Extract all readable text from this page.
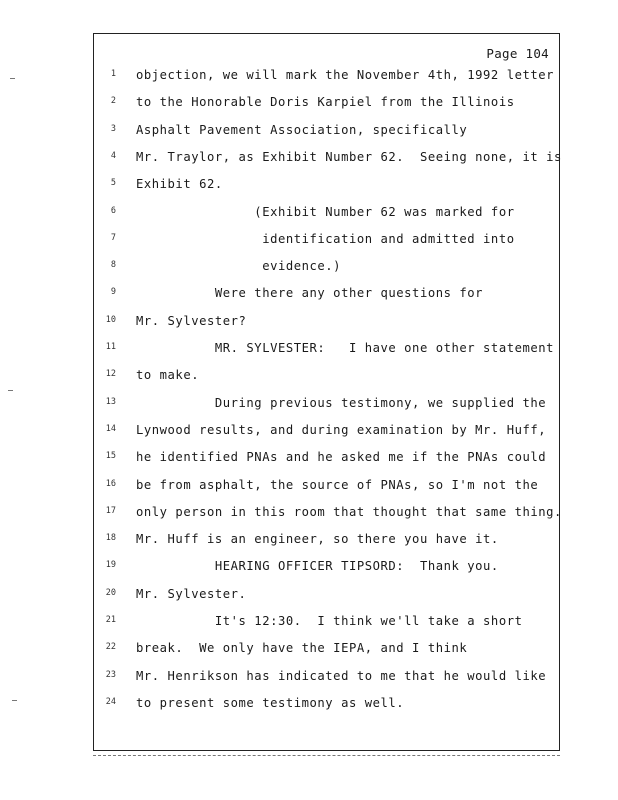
Page 104
1 objection, we will mark the November 4th, 1992 letter
2 to the Honorable Doris Karpiel from the Illinois
3 Asphalt Pavement Association, specifically
4 Mr. Traylor, as Exhibit Number 62.  Seeing none, it is
5 Exhibit 62.
6 (Exhibit Number 62 was marked for
7 identification and admitted into
8 evidence.)
9 Were there any other questions for
10 Mr. Sylvester?
11 MR. SYLVESTER:   I have one other statement
12 to make.
13 During previous testimony, we supplied the
14 Lynwood results, and during examination by Mr. Huff,
15 he identified PNAs and he asked me if the PNAs could
16 be from asphalt, the source of PNAs, so I'm not the
17 only person in this room that thought that same thing.
18 Mr. Huff is an engineer, so there you have it.
19 HEARING OFFICER TIPSORD:  Thank you.
20 Mr. Sylvester.
21 It's 12:30.  I think we'll take a short
22 break.  We only have the IEPA, and I think
23 Mr. Henrikson has indicated to me that he would like
24 to present some testimony as well.
